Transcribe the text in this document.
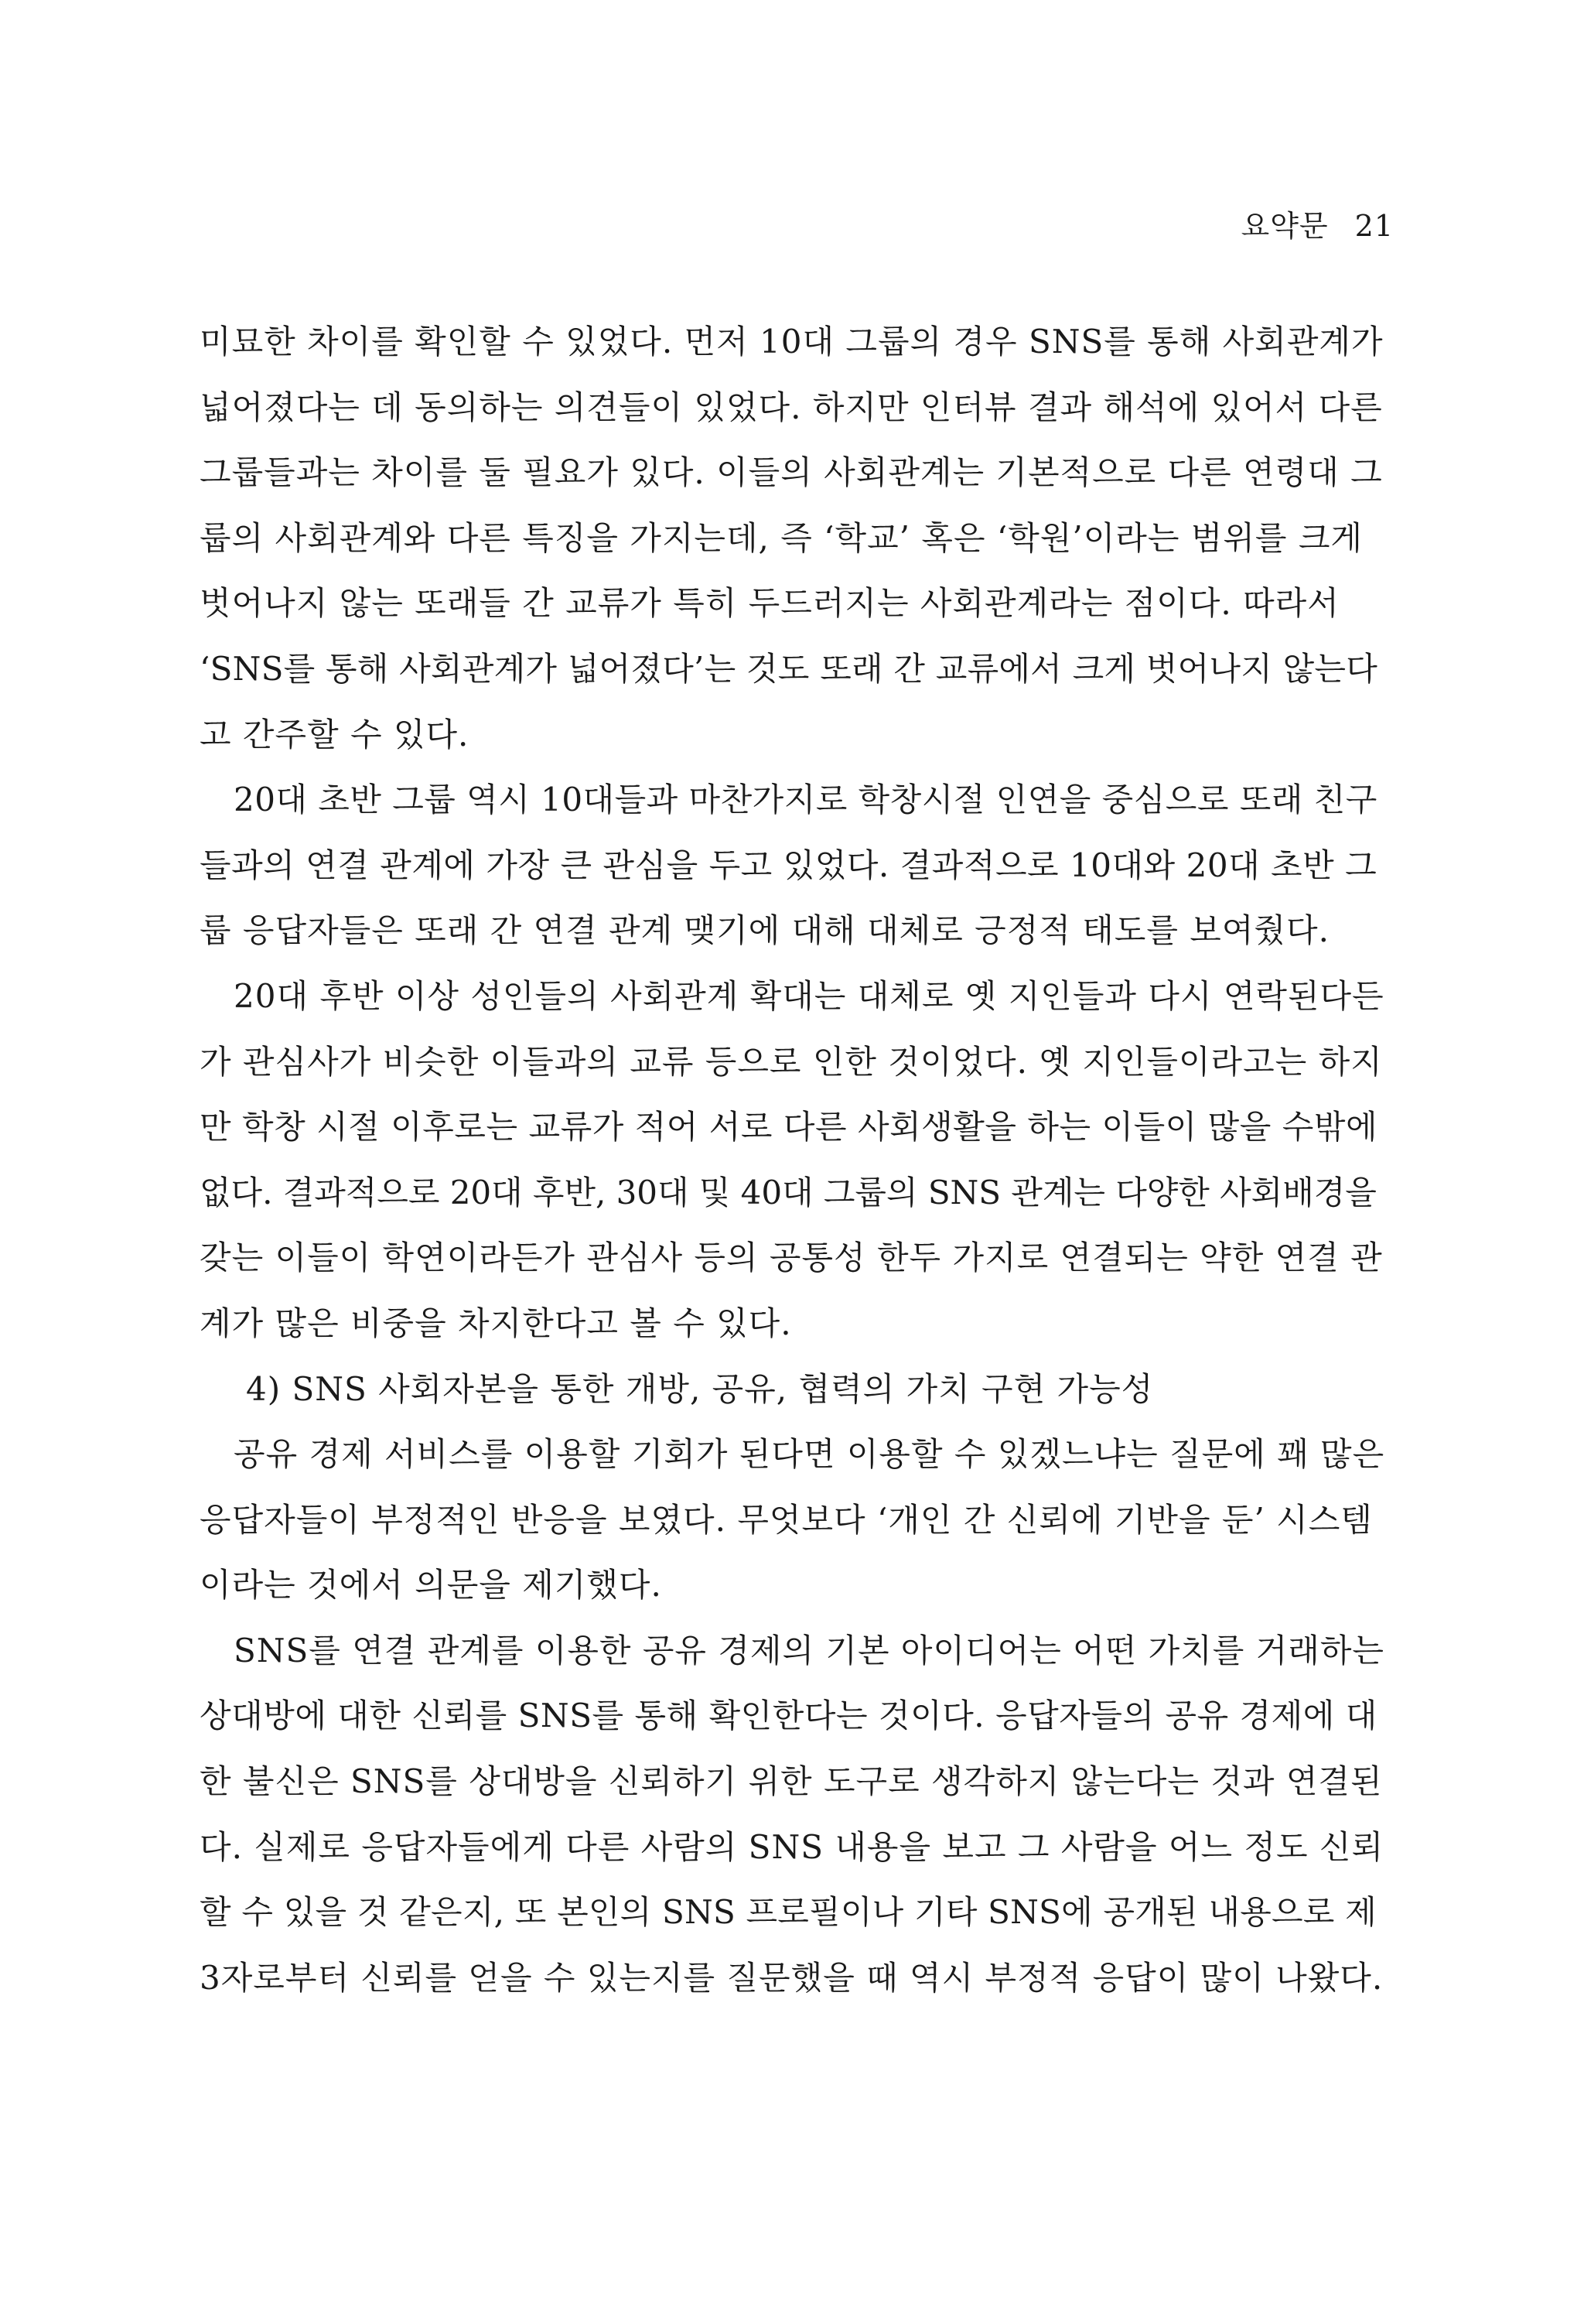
요약문 21
미묘한 차이를 확인할 수 있었다. 먼저 10대 그룹의 경우 SNS를 통해 사회관계가
넓어졌다는 데 동의하는 의견들이 있었다. 하지만 인터뷰 결과 해석에 있어서 다른
그룹들과는 차이를 둘 필요가 있다. 이들의 사회관계는 기본적으로 다른 연령대 그
룹의 사회관계와 다른 특징을 가지는데, 즉 ‘학교’ 혹은 ‘학원’이라는 범위를 크게
벗어나지 않는 또래들 간 교류가 특히 두드러지는 사회관계라는 점이다. 따라서
‘SNS를 통해 사회관계가 넓어졌다’는 것도 또래 간 교류에서 크게 벗어나지 않는다
고 간주할 수 있다.
20대 초반 그룹 역시 10대들과 마찬가지로 학창시절 인연을 중심으로 또래 친구
들과의 연결 관계에 가장 큰 관심을 두고 있었다. 결과적으로 10대와 20대 초반 그
룹 응답자들은 또래 간 연결 관계 맺기에 대해 대체로 긍정적 태도를 보여줬다.
20대 후반 이상 성인들의 사회관계 확대는 대체로 옛 지인들과 다시 연락된다든
가 관심사가 비슷한 이들과의 교류 등으로 인한 것이었다. 옛 지인들이라고는 하지
만 학창 시절 이후로는 교류가 적어 서로 다른 사회생활을 하는 이들이 많을 수밖에
없다. 결과적으로 20대 후반, 30대 및 40대 그룹의 SNS 관계는 다양한 사회배경을
갖는 이들이 학연이라든가 관심사 등의 공통성 한두 가지로 연결되는 약한 연결 관
계가 많은 비중을 차지한다고 볼 수 있다.
4) SNS 사회자본을 통한 개방, 공유, 협력의 가치 구현 가능성
공유 경제 서비스를 이용할 기회가 된다면 이용할 수 있겠느냐는 질문에 꽤 많은
응답자들이 부정적인 반응을 보였다. 무엇보다 ‘개인 간 신뢰에 기반을 둔’ 시스템
이라는 것에서 의문을 제기했다.
SNS를 연결 관계를 이용한 공유 경제의 기본 아이디어는 어떤 가치를 거래하는
상대방에 대한 신뢰를 SNS를 통해 확인한다는 것이다. 응답자들의 공유 경제에 대
한 불신은 SNS를 상대방을 신뢰하기 위한 도구로 생각하지 않는다는 것과 연결된
다. 실제로 응답자들에게 다른 사람의 SNS 내용을 보고 그 사람을 어느 정도 신뢰
할 수 있을 것 같은지, 또 본인의 SNS 프로필이나 기타 SNS에 공개된 내용으로 제
3자로부터 신뢰를 얻을 수 있는지를 질문했을 때 역시 부정적 응답이 많이 나왔다.
